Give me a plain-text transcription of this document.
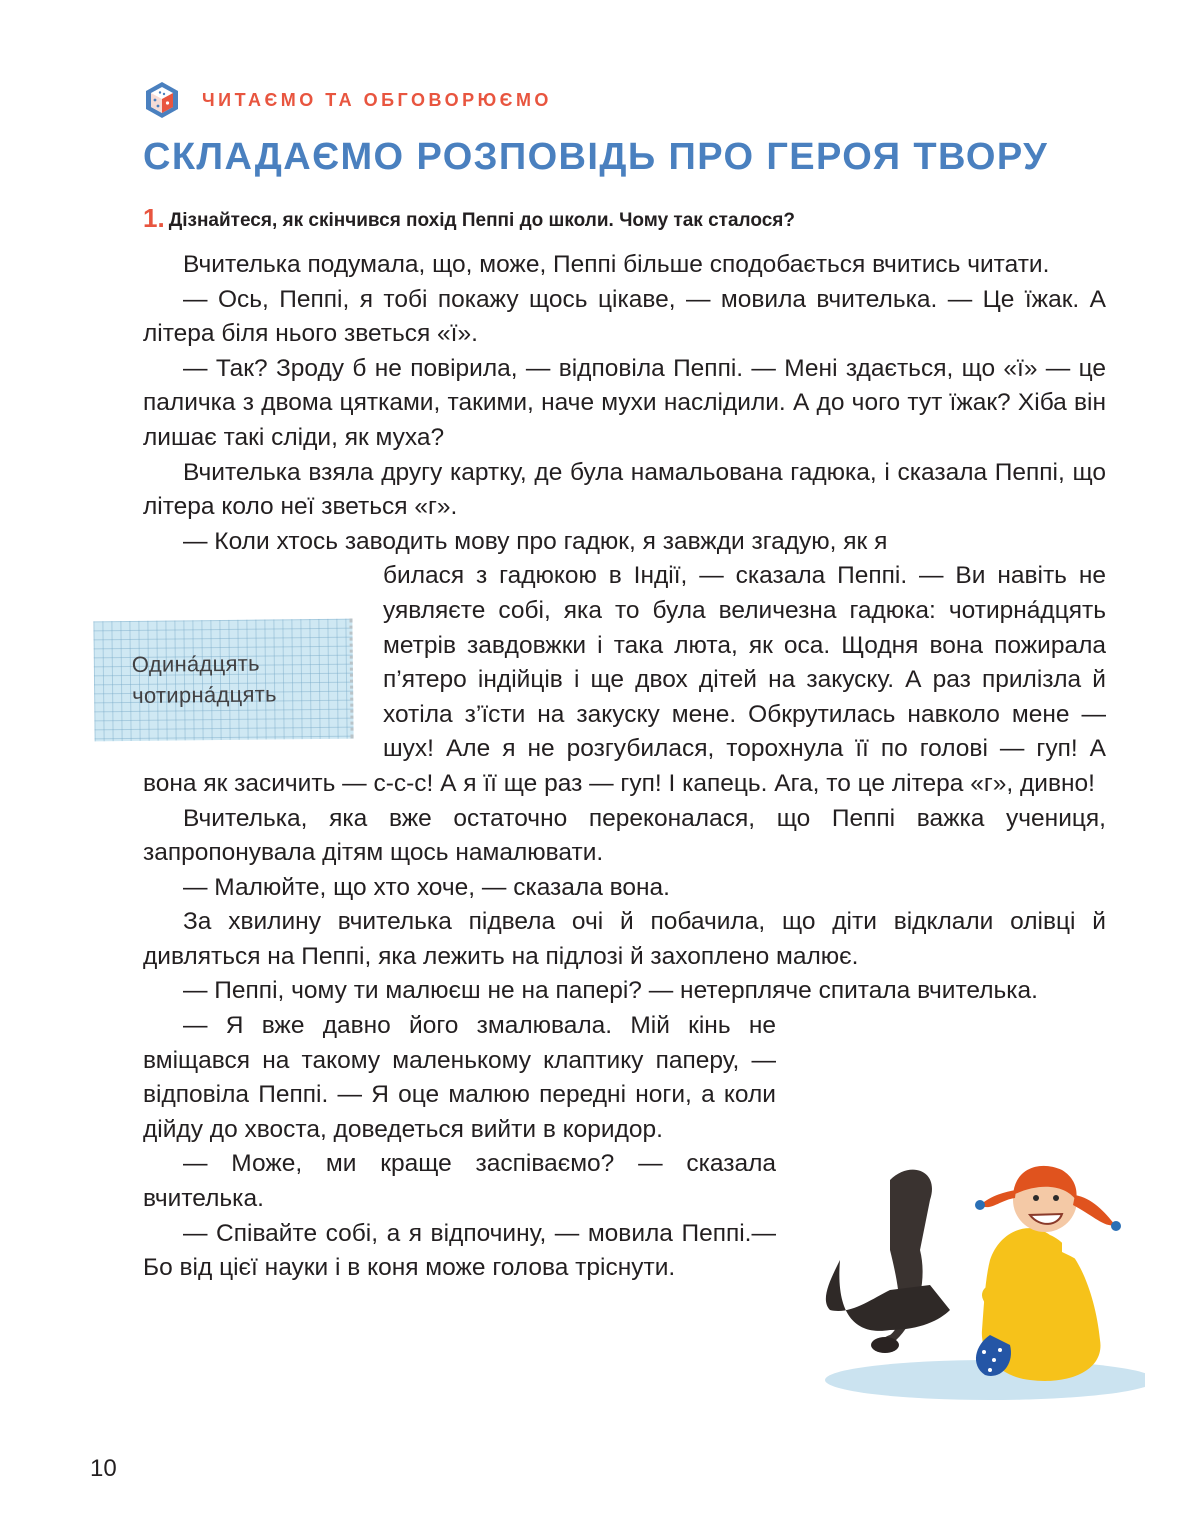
ЧИТАЄМО ТА ОБГОВОРЮЄМО
СКЛАДАЄМО РОЗПОВІДЬ ПРО ГЕРОЯ ТВОРУ
1. Дізнайтеся, як скінчився похід Пеппі до школи. Чому так сталося?

Вчителька подумала, що, може, Пеппі більше сподобається вчитись читати.

— Ось, Пеппі, я тобі покажу щось цікаве, — мовила вчителька. — Це їжак. А літера біля нього зветься «ї».

— Так? Зроду б не повірила, — відповіла Пеппі. — Мені здається, що «ї» — це паличка з двома цятками, такими, наче мухи наслідили. А до чого тут їжак? Хіба він лишає такі сліди, як муха?

Вчителька взяла другу картку, де була намальована гадюка, і сказала Пеппі, що літера коло неї зветься «г».

— Коли хтось заводить мову про гадюк, я завжди згадую, як я

билася з гадюкою в Індії, — сказала Пеппі. — Ви навіть не уявляєте собі, яка то була величезна гадюка: чотирна́дцять метрів завдовжки і така люта, як оса. Щодня вона пожирала п’ятеро індійців і ще двох дітей на закуску. А раз прилізла й хотіла з’їсти на закуску мене. Обкрутилась навколо мене — шух! Але я не розгубилася, торохнула її по голові — гуп! А вона як засичить — с-с-с! А я її ще раз — гуп! І капець. Ага, то це літера «г», дивно!

Вчителька, яка вже остаточно переконалася, що Пеппі важка учениця, запропонувала дітям щось намалювати.

— Малюйте, що хто хоче, — сказала вона.

За хвилину вчителька підвела очі й побачила, що діти відклали олівці й дивляться на Пеппі, яка лежить на підлозі й захоплено малює.

— Пеппі, чому ти малюєш не на папері? — нетерпляче спитала вчителька.

— Я вже давно його змалювала. Мій кінь не вміщався на такому маленькому клаптику паперу, — відповіла Пеппі. — Я оце малюю передні ноги, а коли дійду до хвоста, доведеться вийти в коридор.

— Може, ми краще заспіваємо? — сказала вчителька.

— Співайте собі, а я відпочину, — мовила Пеппі.— Бо від цієї науки і в коня може голова тріснути.

Одина́дцять
чотирна́дцять
10
